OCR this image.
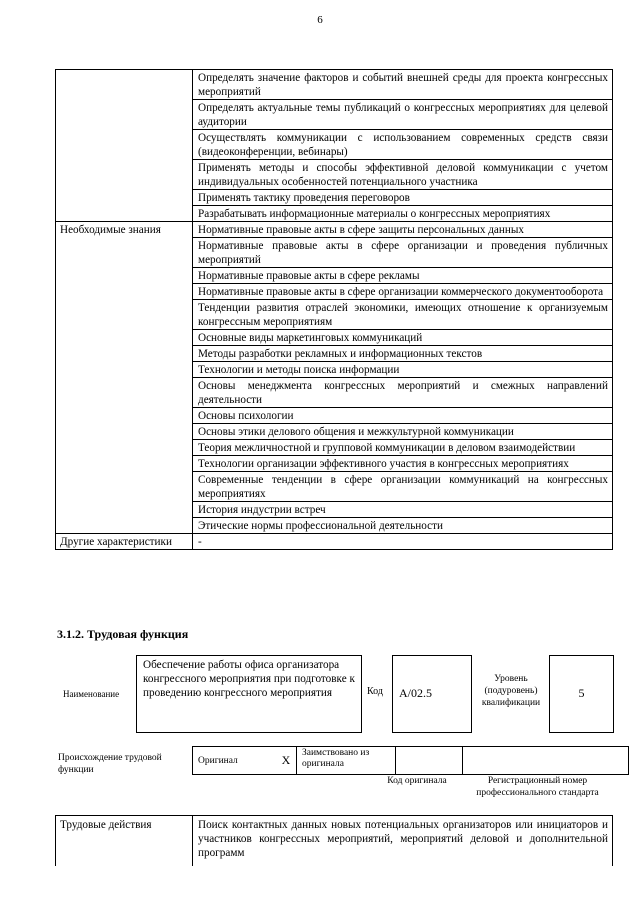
6
	Определять значение факторов и событий внешней среды для проекта конгрессных мероприятий
	Определять актуальные темы публикаций о конгрессных мероприятиях для целевой аудитории
	Осуществлять коммуникации с использованием современных средств связи (видеоконференции, вебинары)
	Применять методы и способы эффективной деловой коммуникации с учетом индивидуальных особенностей потенциального участника
	Применять тактику проведения переговоров
	Разрабатывать информационные материалы о конгрессных мероприятиях
Необходимые знания	Нормативные правовые акты в сфере защиты персональных данных
	Нормативные правовые акты в сфере организации и проведения публичных мероприятий
	Нормативные правовые акты в сфере рекламы
	Нормативные правовые акты в сфере организации коммерческого документооборота
	Тенденции развития отраслей экономики, имеющих отношение к организуемым конгрессным мероприятиям
	Основные виды маркетинговых коммуникаций
	Методы разработки рекламных и информационных текстов
	Технологии и методы поиска информации
	Основы менеджмента конгрессных мероприятий и смежных направлений деятельности
	Основы психологии
	Основы этики делового общения и межкультурной коммуникации
	Теория межличностной и групповой коммуникации в деловом взаимодействии
	Технологии организации эффективного участия в конгрессных мероприятиях
	Современные тенденции в сфере организации коммуникаций на конгрессных мероприятиях
	История индустрии встреч
	Этические нормы профессиональной деятельности
Другие характеристики	-
3.1.2. Трудовая функция
Наименование
Обеспечение работы офиса организатора конгрессного мероприятия при подготовке к проведению конгрессного мероприятия	Код	А/02.5
Уровень (подуровень) квалификации
5
Происхождение трудовой функции
Оригинал	X	Заимствовано из оригинала		
Код оригинала	Регистрационный номер профессионального стандарта
Трудовые действия	Поиск контактных данных новых потенциальных организаторов или инициаторов и участников конгрессных мероприятий, мероприятий деловой и дополнительной программ
